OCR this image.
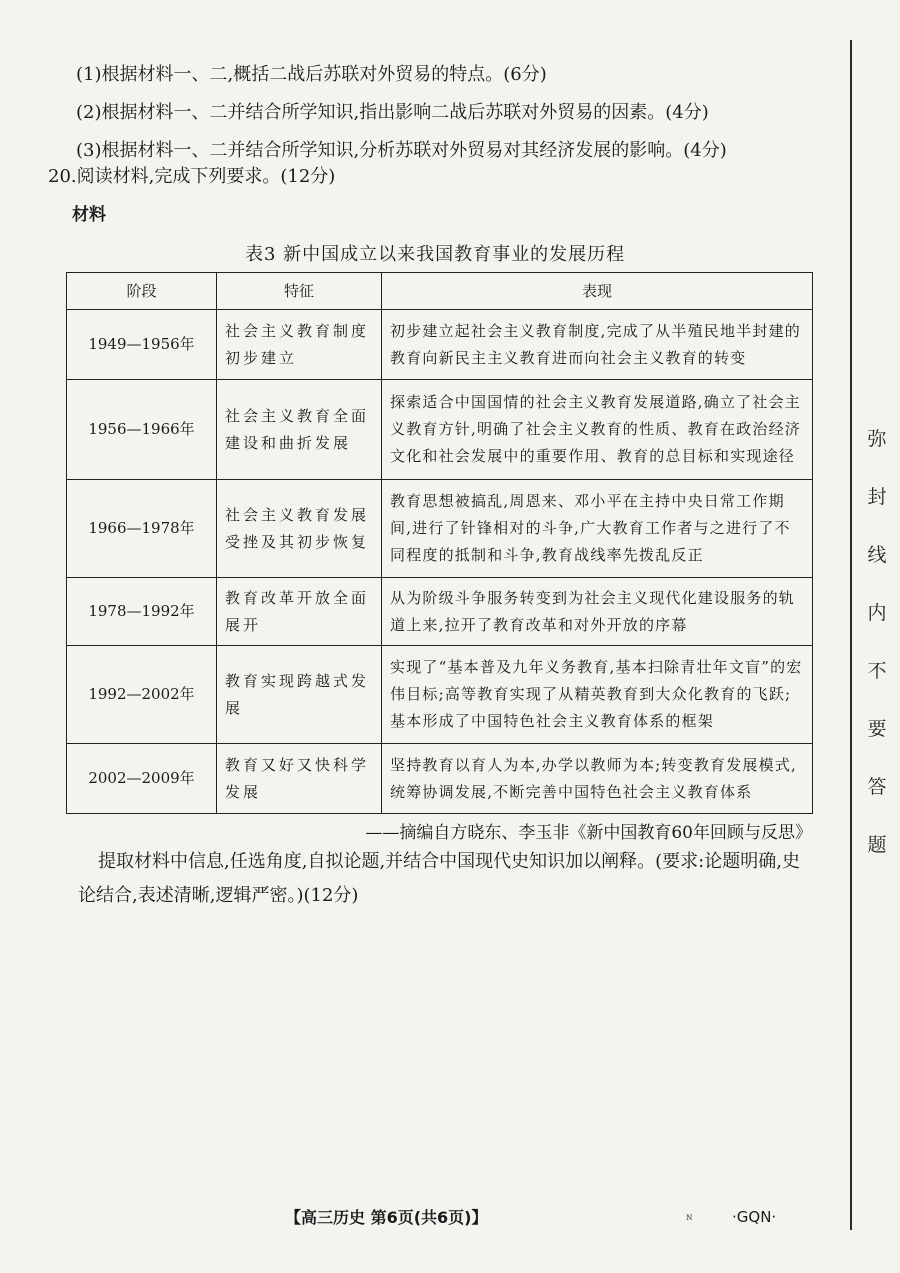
(1)根据材料一、二,概括二战后苏联对外贸易的特点。(6分)
(2)根据材料一、二并结合所学知识,指出影响二战后苏联对外贸易的因素。(4分)
(3)根据材料一、二并结合所学知识,分析苏联对外贸易对其经济发展的影响。(4分)
20.阅读材料,完成下列要求。(12分)
材料
表3 新中国成立以来我国教育事业的发展历程
阶段	特征	表现
1949—1956年	社会主义教育制度初步建立	初步建立起社会主义教育制度,完成了从半殖民地半封建的教育向新民主主义教育进而向社会主义教育的转变
1956—1966年	社会主义教育全面建设和曲折发展	探索适合中国国情的社会主义教育发展道路,确立了社会主义教育方针,明确了社会主义教育的性质、教育在政治经济文化和社会发展中的重要作用、教育的总目标和实现途径
1966—1978年	社会主义教育发展受挫及其初步恢复	教育思想被搞乱,周恩来、邓小平在主持中央日常工作期间,进行了针锋相对的斗争,广大教育工作者与之进行了不同程度的抵制和斗争,教育战线率先拨乱反正
1978—1992年	教育改革开放全面展开	从为阶级斗争服务转变到为社会主义现代化建设服务的轨道上来,拉开了教育改革和对外开放的序幕
1992—2002年	教育实现跨越式发展	实现了“基本普及九年义务教育,基本扫除青壮年文盲”的宏伟目标;高等教育实现了从精英教育到大众化教育的飞跃;基本形成了中国特色社会主义教育体系的框架
2002—2009年	教育又好又快科学发展	坚持教育以育人为本,办学以教师为本;转变教育发展模式,统筹协调发展,不断完善中国特色社会主义教育体系
——摘编自方晓东、李玉非《新中国教育60年回顾与反思》
提取材料中信息,任选角度,自拟论题,并结合中国现代史知识加以阐释。(要求:论题明确,史论结合,表述清晰,逻辑严密。)(12分)
弥
封
线
内
不
要
答
题
ɴ
【高三历史 第6页(共6页)】	·GQN·
